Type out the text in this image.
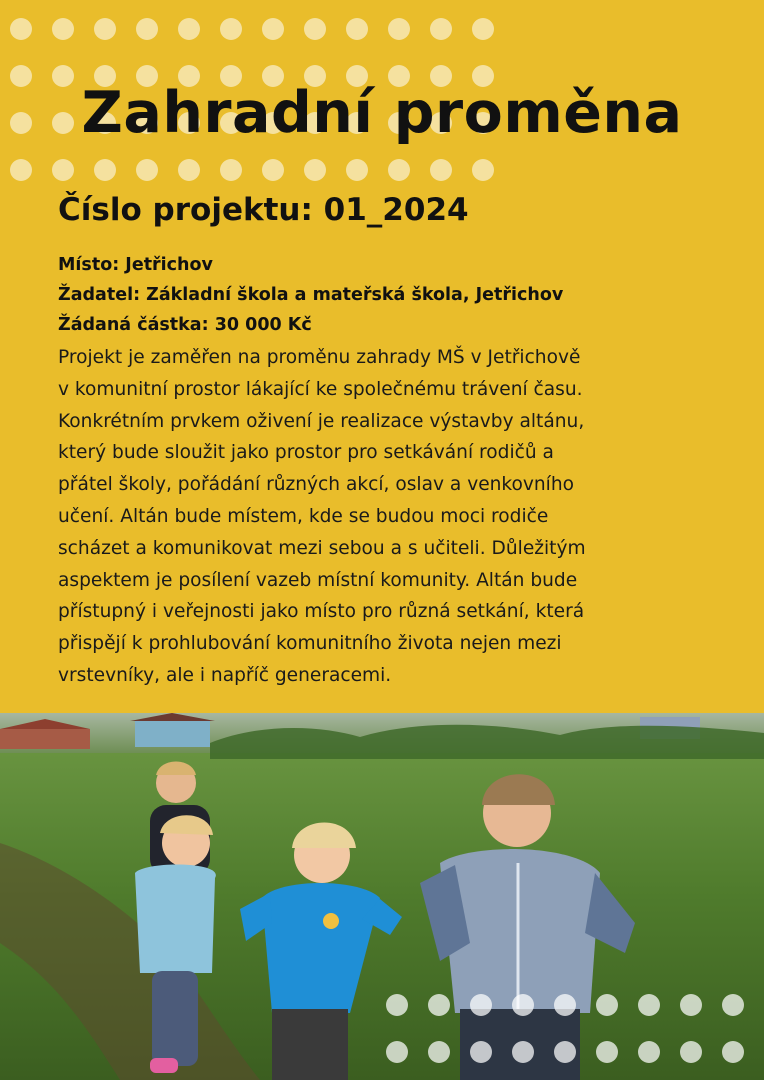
Zahradní proměna
Číslo projektu: 01_2024
Místo: Jetřichov
Žadatel: Základní škola a mateřská škola, Jetřichov
Žádaná částka: 30 000 Kč
Projekt je zaměřen na proměnu zahrady MŠ v Jetřichově
v komunitní prostor lákající ke společnému trávení času.
Konkrétním prvkem oživení je realizace výstavby altánu,
který bude sloužit jako prostor pro setkávání rodičů a
přátel školy, pořádání různých akcí, oslav a venkovního
učení. Altán bude místem, kde se budou moci rodiče
scházet a komunikovat mezi sebou a s učiteli. Důležitým
aspektem je posílení vazeb místní komunity. Altán bude
přístupný i veřejnosti jako místo pro různá setkání, která
přispějí k prohlubování komunitního života nejen mezi
vrstevníky, ale i napříč generacemi.
